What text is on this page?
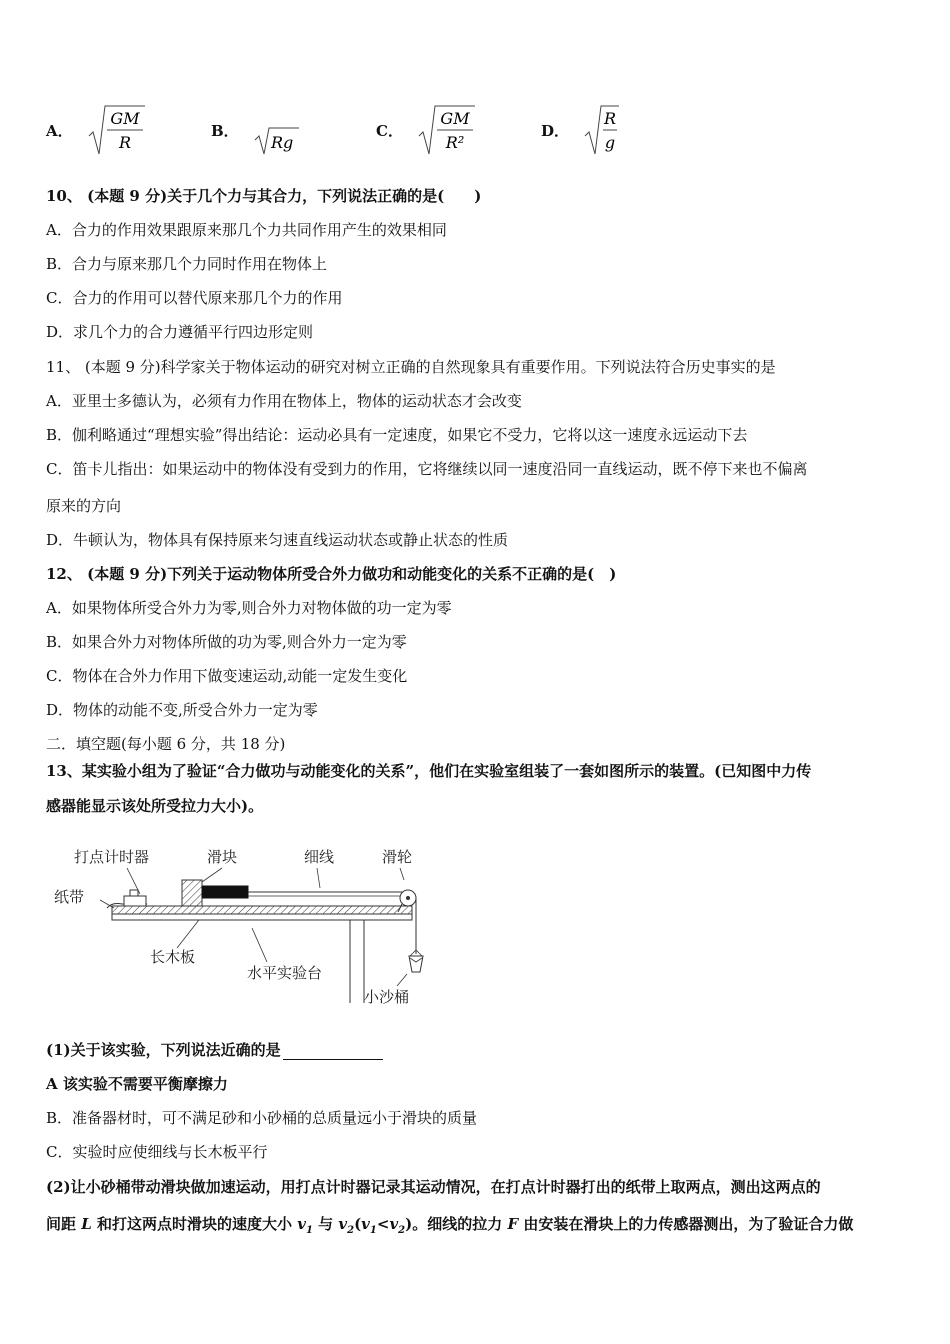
A．
GM
R
B．
Rg
C．
GM
R²
D．
R
g
10、 (本题 9 分)关于几个力与其合力，下列说法正确的是(　　)
A．合力的作用效果跟原来那几个力共同作用产生的效果相同
B．合力与原来那几个力同时作用在物体上
C．合力的作用可以替代原来那几个力的作用
D．求几个力的合力遵循平行四边形定则
11、 (本题 9 分)科学家关于物体运动的研究对树立正确的自然现象具有重要作用。下列说法符合历史事实的是
A．亚里士多德认为，必须有力作用在物体上，物体的运动状态才会改变
B．伽利略通过“理想实验”得出结论：运动必具有一定速度，如果它不受力，它将以这一速度永远运动下去
C．笛卡儿指出：如果运动中的物体没有受到力的作用，它将继续以同一速度沿同一直线运动，既不停下来也不偏离
原来的方向
D．牛顿认为，物体具有保持原来匀速直线运动状态或静止状态的性质
12、 (本题 9 分)下列关于运动物体所受合外力做功和动能变化的关系不正确的是(　)
A．如果物体所受合外力为零,则合外力对物体做的功一定为零
B．如果合外力对物体所做的功为零,则合外力一定为零
C．物体在合外力作用下做变速运动,动能一定发生变化
D．物体的动能不变,所受合外力一定为零
二．填空题(每小题 6 分，共 18 分)
13、某实验小组为了验证“合力做功与动能变化的关系”，他们在实验室组装了一套如图所示的装置。(已知图中力传
感器能显示该处所受拉力大小)。
打点计时器	滑块	细线	滑轮
纸带
长木板
水平实验台
小沙桶
(1)关于该实验，下列说法近确的是
A 该实验不需要平衡摩擦力
B．准备器材时，可不满足砂和小砂桶的总质量远小于滑块的质量
C．实验时应使细线与长木板平行
(2)让小砂桶带动滑块做加速运动，用打点计时器记录其运动情况，在打点计时器打出的纸带上取两点，测出这两点的
间距 L 和打这两点时滑块的速度大小 $v_1$ 与 $v_2(v_1<v_2)$。细线的拉力 F 由安装在滑块上的力传感器测出，为了验证合力做
